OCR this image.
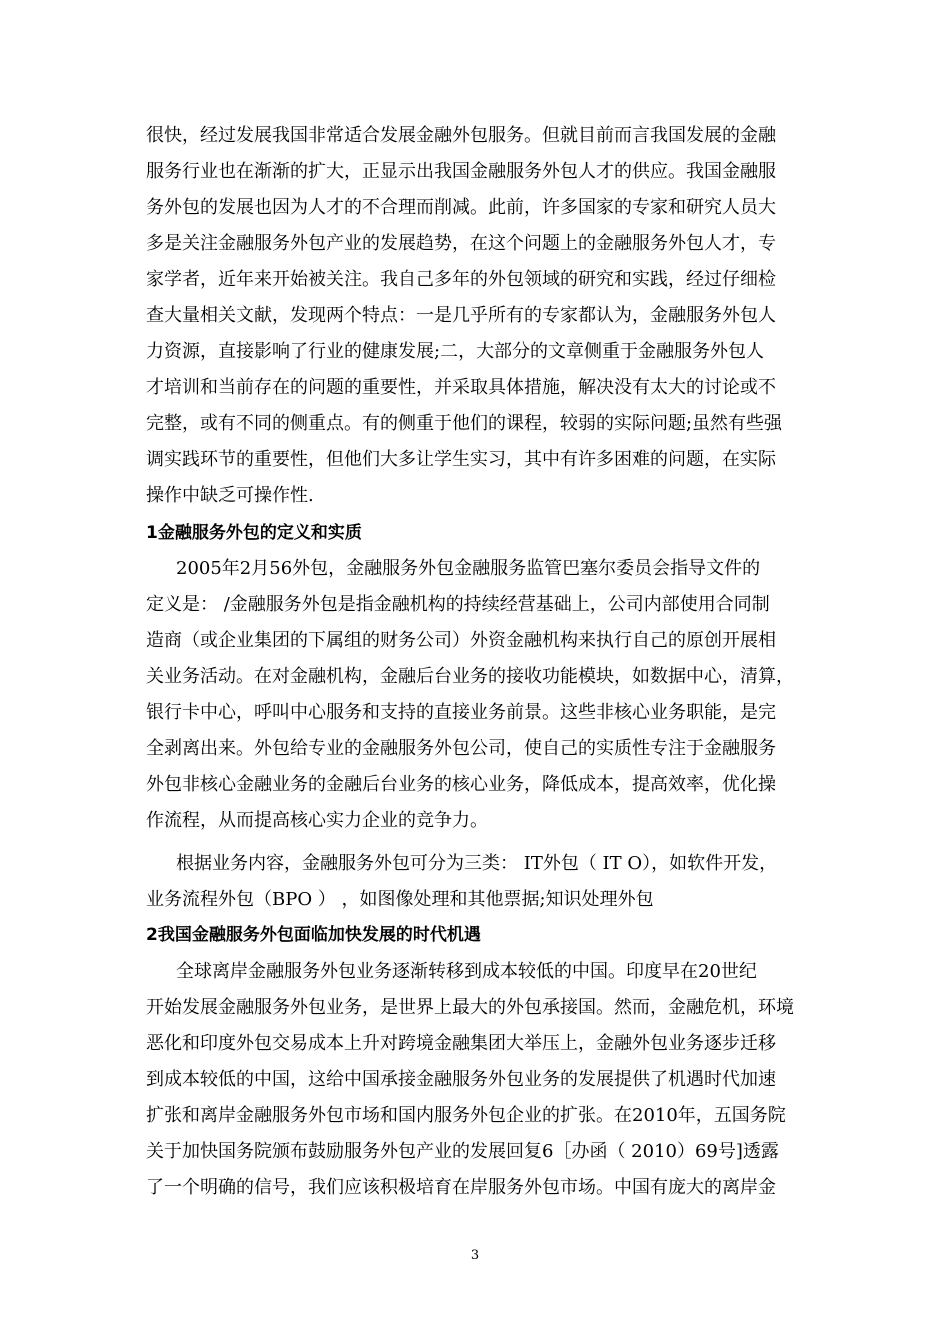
很快，经过发展我国非常适合发展金融外包服务。但就目前而言我国发展的金融
服务行业也在渐渐的扩大，正显示出我国金融服务外包人才的供应。我国金融服
务外包的发展也因为人才的不合理而削减。此前，许多国家的专家和研究人员大
多是关注金融服务外包产业的发展趋势，在这个问题上的金融服务外包人才，专
家学者，近年来开始被关注。我自己多年的外包领域的研究和实践，经过仔细检
查大量相关文献，发现两个特点：一是几乎所有的专家都认为，金融服务外包人
力资源，直接影响了行业的健康发展;二，大部分的文章侧重于金融服务外包人
才培训和当前存在的问题的重要性，并采取具体措施，解决没有太大的讨论或不
完整，或有不同的侧重点。有的侧重于他们的课程，较弱的实际问题;虽然有些强
调实践环节的重要性，但他们大多让学生实习，其中有许多困难的问题，在实际
操作中缺乏可操作性.
1金融服务外包的定义和实质
2005年2月56外包，金融服务外包金融服务监管巴塞尔委员会指导文件的
定义是： /金融服务外包是指金融机构的持续经营基础上，公司内部使用合同制
造商（或企业集团的下属组的财务公司）外资金融机构来执行自己的原创开展相
关业务活动。在对金融机构，金融后台业务的接收功能模块，如数据中心，清算，
银行卡中心，呼叫中心服务和支持的直接业务前景。这些非核心业务职能，是完
全剥离出来。外包给专业的金融服务外包公司，使自己的实质性专注于金融服务
外包非核心金融业务的金融后台业务的核心业务，降低成本，提高效率，优化操
作流程，从而提高核心实力企业的竞争力。
根据业务内容，金融服务外包可分为三类： IT外包（ IT O），如软件开发，
业务流程外包（BPO ） ，如图像处理和其他票据;知识处理外包
2我国金融服务外包面临加快发展的时代机遇
全球离岸金融服务外包业务逐渐转移到成本较低的中国。印度早在20世纪
开始发展金融服务外包业务，是世界上最大的外包承接国。然而，金融危机，环境
恶化和印度外包交易成本上升对跨境金融集团大举压上，金融外包业务逐步迁移
到成本较低的中国，这给中国承接金融服务外包业务的发展提供了机遇时代加速
扩张和离岸金融服务外包市场和国内服务外包企业的扩张。在2010年，五国务院
关于加快国务院颁布鼓励服务外包产业的发展回复6［办函（ 2010）69号]透露
了一个明确的信号，我们应该积极培育在岸服务外包市场。中国有庞大的离岸金
3
